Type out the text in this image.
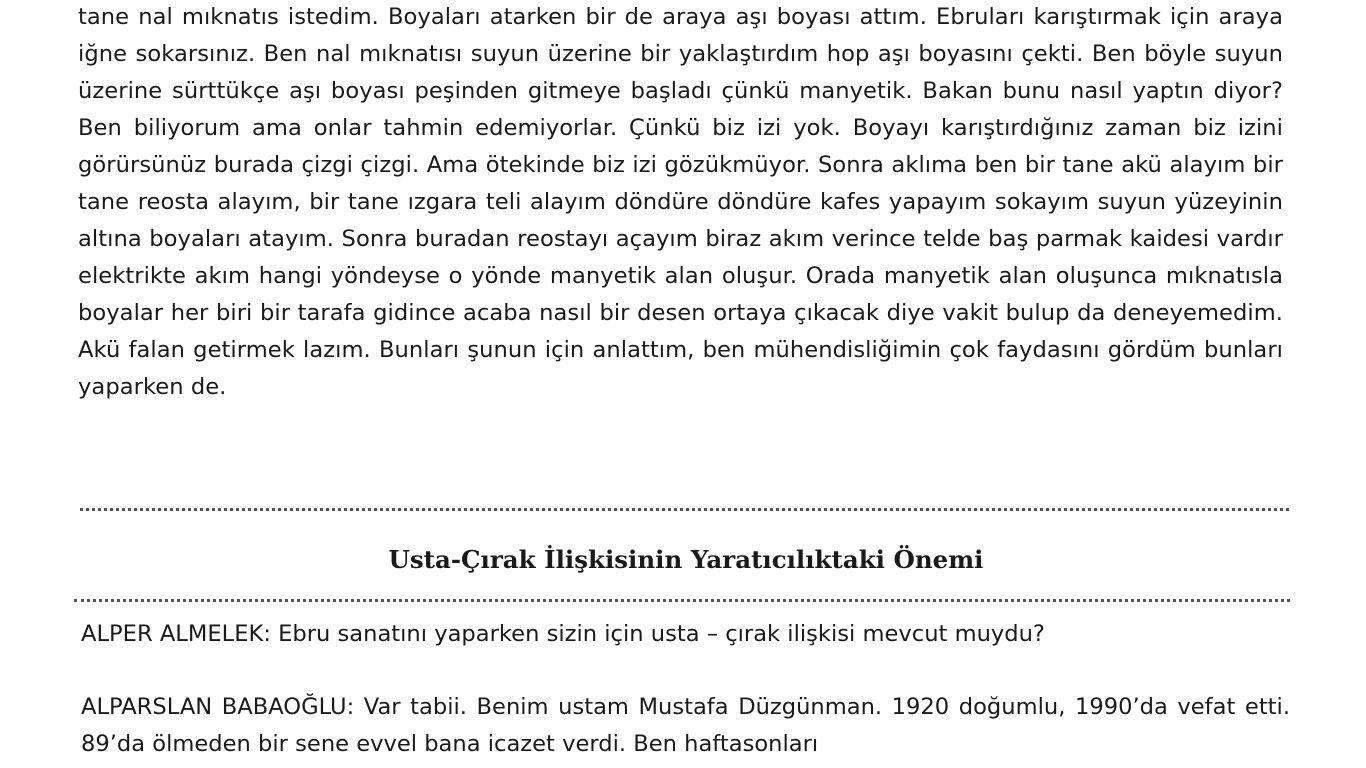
tane nal mıknatıs istedim. Boyaları atarken bir de araya aşı boyası attım. Ebruları karıştırmak için araya iğne sokarsınız. Ben nal mıknatısı suyun üzerine bir yaklaştırdım hop aşı boyasını çekti. Ben böyle suyun üzerine sürttükçe aşı boyası peşinden gitmeye başladı çünkü manyetik. Bakan bunu nasıl yaptın diyor? Ben biliyorum ama onlar tahmin edemiyorlar. Çünkü biz izi yok. Boyayı karıştırdığınız zaman biz izini görürsünüz burada çizgi çizgi. Ama ötekinde biz izi gözükmüyor. Sonra aklıma ben bir tane akü alayım bir tane reosta alayım, bir tane ızgara teli alayım döndüre döndüre kafes yapayım sokayım suyun yüzeyinin altına boyaları atayım. Sonra buradan reostayı açayım biraz akım verince telde baş parmak kaidesi vardır elektrikte akım hangi yöndeyse o yönde manyetik alan oluşur. Orada manyetik alan oluşunca mıknatısla boyalar her biri bir tarafa gidince acaba nasıl bir desen ortaya çıkacak diye vakit bulup da deneyemedim. Akü falan getirmek lazım. Bunları şunun için anlattım, ben mühendisliğimin çok faydasını gördüm bunları yaparken de.

Usta-Çırak İlişkisinin Yaratıcılıktaki Önemi

ALPER ALMELEK: Ebru sanatını yaparken sizin için usta – çırak ilişkisi mevcut muydu?

ALPARSLAN BABAOĞLU: Var tabii. Benim ustam Mustafa Düzgünman. 1920 doğumlu, 1990’da vefat etti. 89’da ölmeden bir sene evvel bana icazet verdi. Ben haftasonları
